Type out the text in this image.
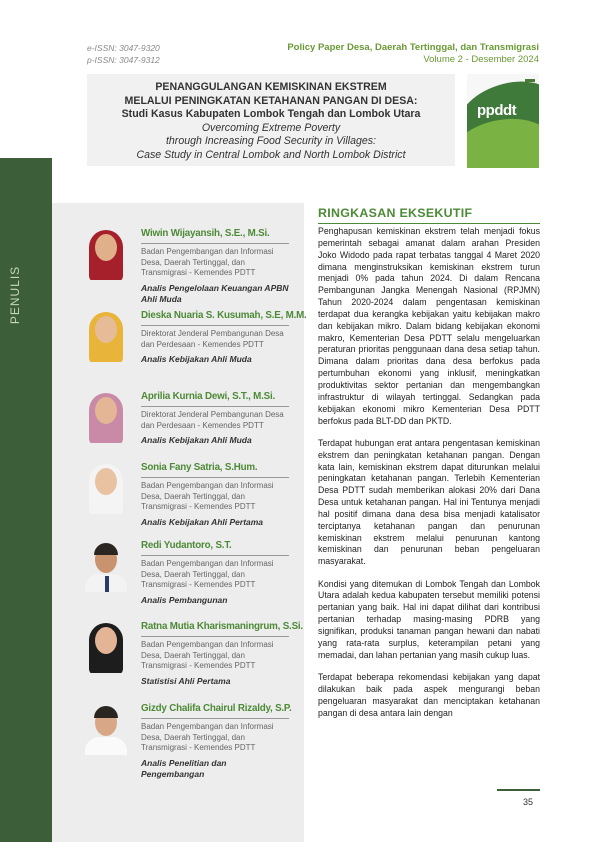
e-ISSN: 3047-9320
p-ISSN: 3047-9312
Policy Paper Desa, Daerah Tertinggal, dan Transmigrasi
Volume 2 - Desember 2024
PENANGGULANGAN KEMISKINAN EKSTREM
MELALUI PENINGKATAN KETAHANAN PANGAN DI DESA:
Studi Kasus Kabupaten Lombok Tengah dan Lombok Utara
Overcoming Extreme Poverty
through Increasing Food Security in Villages:
Case Study in Central Lombok and North Lombok District
ppddt
PENULIS
Wiwin Wijayansih, S.E., M.Si.
Badan Pengembangan dan Informasi Desa, Daerah Tertinggal, dan Transmigrasi - Kemendes PDTT
Analis Pengelolaan Keuangan APBN Ahli Muda
Dieska Nuaria S. Kusumah, S.E, M.M.
Direktorat Jenderal Pembangunan Desa dan Perdesaan - Kemendes PDTT
Analis Kebijakan Ahli Muda
Aprilia Kurnia Dewi, S.T., M.Si.
Direktorat Jenderal Pembangunan Desa dan Perdesaan - Kemendes PDTT
Analis Kebijakan Ahli Muda
Sonia Fany Satria, S.Hum.
Badan Pengembangan dan Informasi Desa, Daerah Tertinggal, dan Transmigrasi - Kemendes PDTT
Analis Kebijakan Ahli Pertama
Redi Yudantoro, S.T.
Badan Pengembangan dan Informasi Desa, Daerah Tertinggal, dan Transmigrasi - Kemendes PDTT
Analis Pembangunan
Ratna Mutia Kharismaningrum, S.Si.
Badan Pengembangan dan Informasi Desa, Daerah Tertinggal, dan Transmigrasi - Kemendes PDTT
Statistisi Ahli Pertama
Gizdy Chalifa Chairul Rizaldy, S.P.
Badan Pengembangan dan Informasi Desa, Daerah Tertinggal, dan Transmigrasi - Kemendes PDTT
Analis Penelitian dan Pengembangan
RINGKASAN EKSEKUTIF

Penghapusan kemiskinan ekstrem telah menjadi fokus pemerintah sebagai amanat dalam arahan Presiden Joko Widodo pada rapat terbatas tanggal 4 Maret 2020 dimana menginstruksikan kemiskinan ekstrem turun menjadi 0% pada tahun 2024. Di dalam Rencana Pembangunan Jangka Menengah Nasional (RPJMN) Tahun 2020-2024 dalam pengentasan kemiskinan terdapat dua kerangka kebijakan yaitu kebijakan makro dan kebijakan mikro. Dalam bidang kebijakan ekonomi makro, Kementerian Desa PDTT selalu mengeluarkan peraturan prioritas penggunaan dana desa setiap tahun. Dimana dalam prioritas dana desa berfokus pada pertumbuhan ekonomi yang inklusif, meningkatkan produktivitas sektor pertanian dan mengembangkan infrastruktur di wilayah tertinggal. Sedangkan pada kebijakan ekonomi mikro Kementerian Desa PDTT berfokus pada BLT-DD dan PKTD.

Terdapat hubungan erat antara pengentasan kemiskinan ekstrem dan peningkatan ketahanan pangan. Dengan kata lain, kemiskinan ekstrem dapat diturunkan melalui peningkatan ketahanan pangan. Terlebih Kementerian Desa PDTT sudah memberikan alokasi 20% dari Dana Desa untuk ketahanan pangan. Hal ini Tentunya menjadi hal positif dimana dana desa bisa menjadi katalisator terciptanya ketahanan pangan dan penurunan kemiskinan ekstrem melalui penurunan kantong kemiskinan dan penurunan beban pengeluaran masyarakat.

Kondisi yang ditemukan di Lombok Tengah dan Lombok Utara adalah kedua kabupaten tersebut memiliki potensi pertanian yang baik. Hal ini dapat dilihat dari kontribusi pertanian terhadap masing-masing PDRB yang signifikan, produksi tanaman pangan hewani dan nabati yang rata-rata surplus, keterampilan petani yang memadai, dan lahan pertanian yang masih cukup luas.

Terdapat beberapa rekomendasi kebijakan yang dapat dilakukan baik pada aspek mengurangi beban pengeluaran masyarakat dan menciptakan ketahanan pangan di desa antara lain dengan

35
